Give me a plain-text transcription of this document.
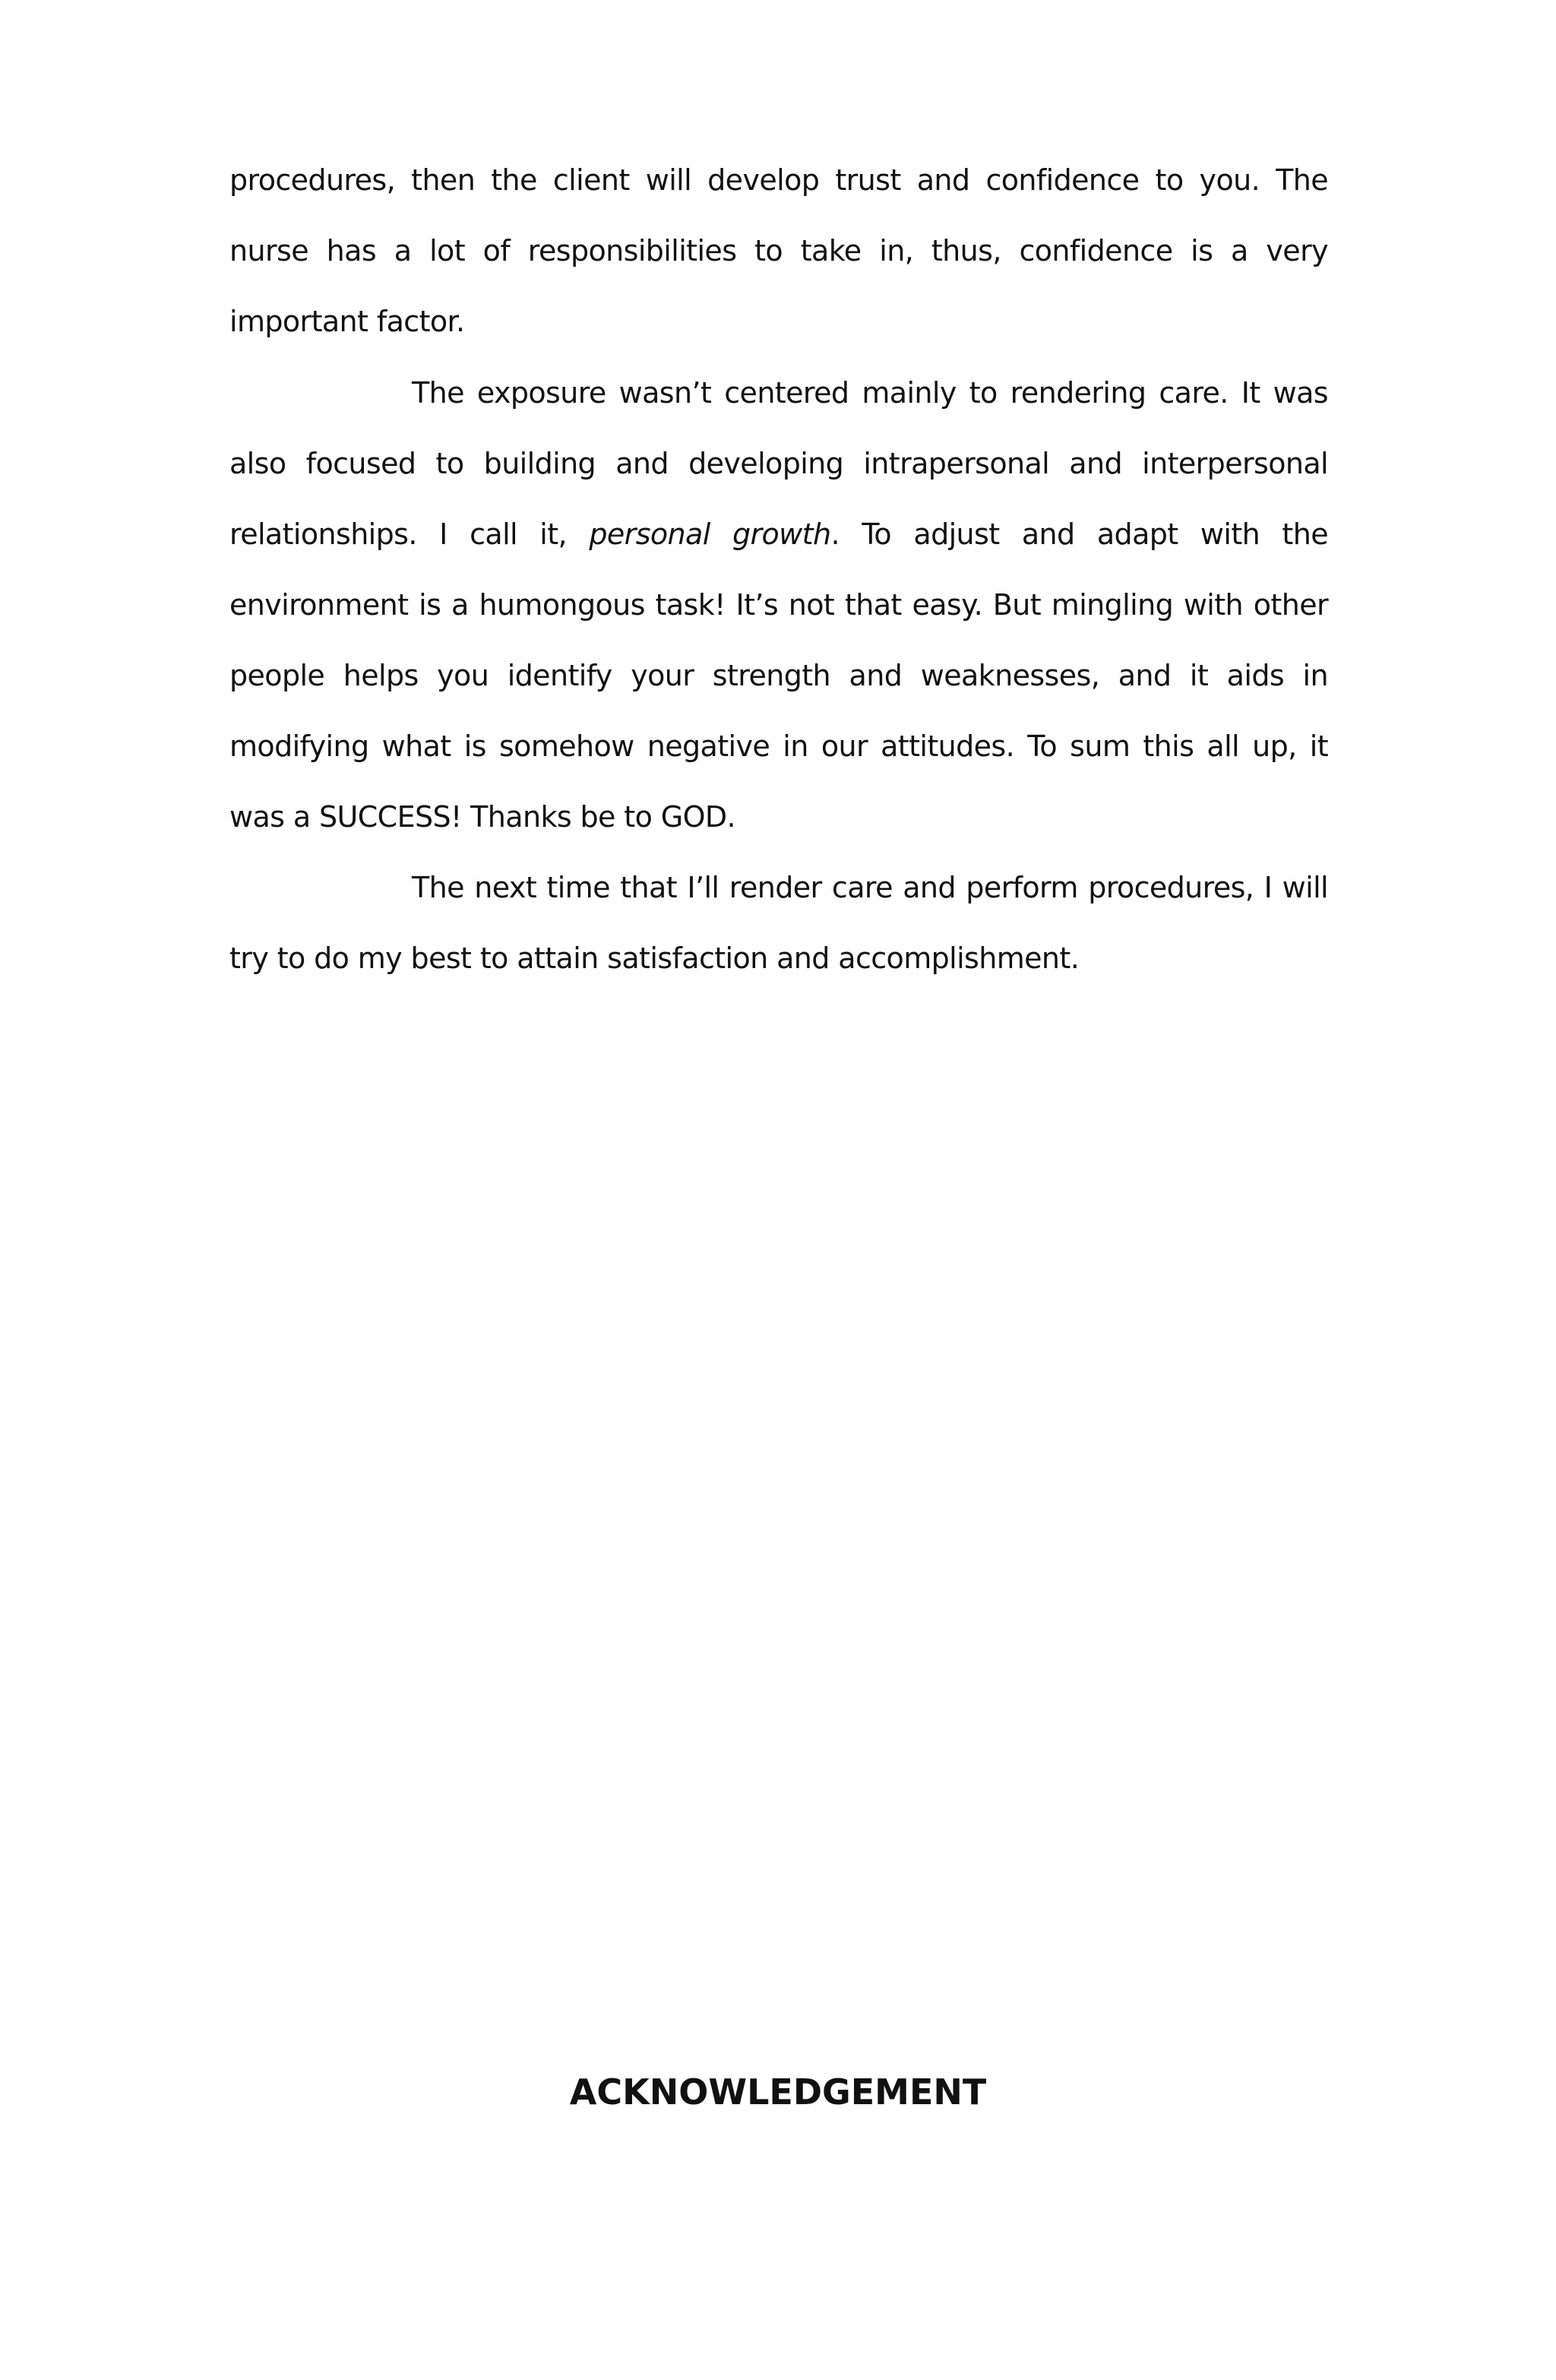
procedures, then the client will develop trust and confidence to you. The nurse has a lot of responsibilities to take in, thus, confidence is a very important factor.

The exposure wasn’t centered mainly to rendering care. It was also focused to building and developing intrapersonal and interpersonal relationships. I call it, personal growth. To adjust and adapt with the environment is a humongous task! It’s not that easy. But mingling with other people helps you identify your strength and weaknesses, and it aids in modifying what is somehow negative in our attitudes. To sum this all up, it was a SUCCESS! Thanks be to GOD.

The next time that I’ll render care and perform procedures, I will try to do my best to attain satisfaction and accomplishment.

ACKNOWLEDGEMENT
